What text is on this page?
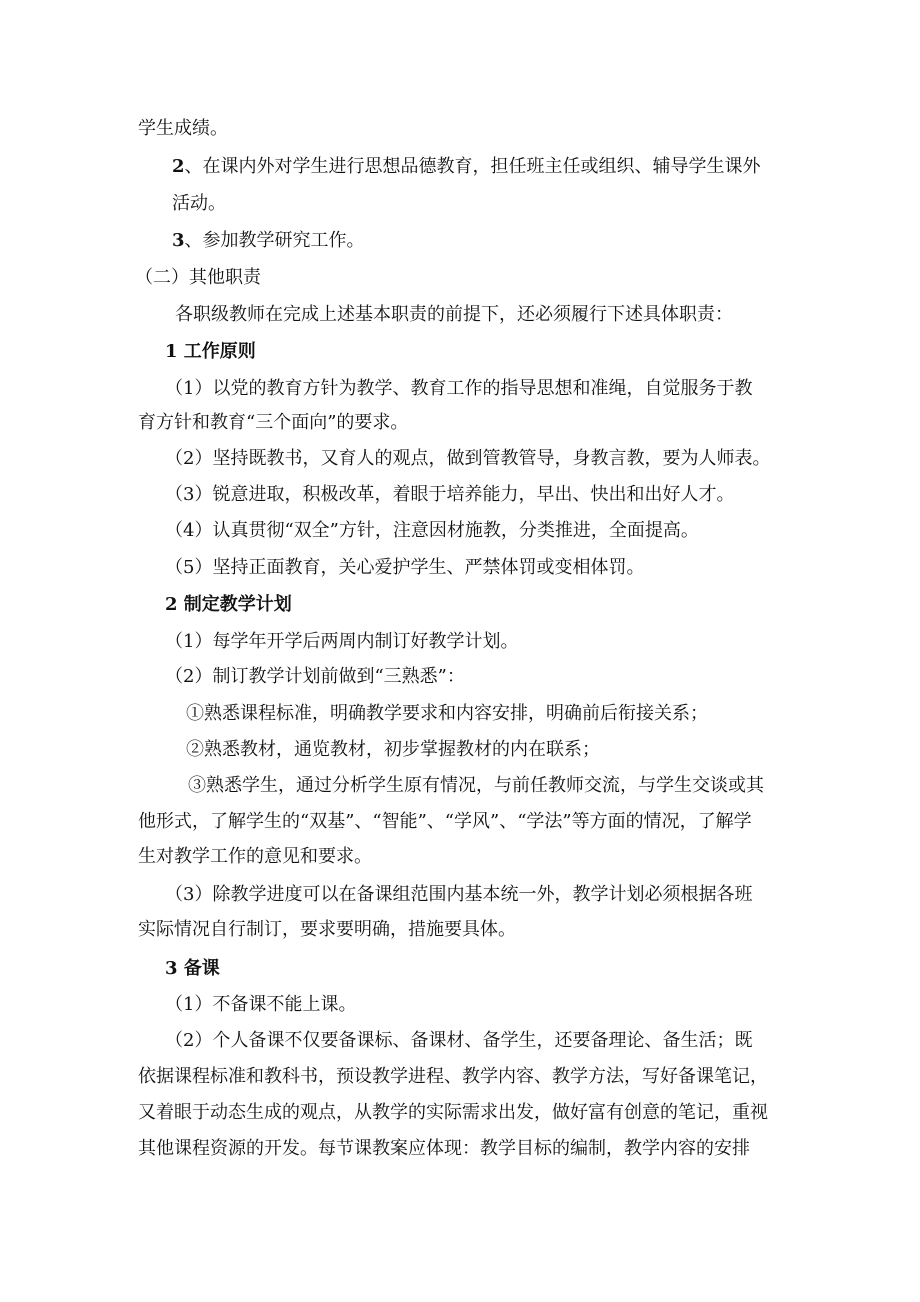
学生成绩。
2、在课内外对学生进行思想品德教育，担任班主任或组织、辅导学生课外
活动。
3、参加教学研究工作。
（二）其他职责
各职级教师在完成上述基本职责的前提下，还必须履行下述具体职责：
1 工作原则
（1）以党的教育方针为教学、教育工作的指导思想和准绳，自觉服务于教
育方针和教育“三个面向”的要求。
（2）坚持既教书，又育人的观点，做到管教管导，身教言教，要为人师表。
（3）锐意进取，积极改革，着眼于培养能力，早出、快出和出好人才。
（4）认真贯彻“双全”方针，注意因材施教，分类推进，全面提高。
（5）坚持正面教育，关心爱护学生、严禁体罚或变相体罚。
2 制定教学计划
（1）每学年开学后两周内制订好教学计划。
（2）制订教学计划前做到“三熟悉”：
①熟悉课程标准，明确教学要求和内容安排，明确前后衔接关系；
②熟悉教材，通览教材，初步掌握教材的内在联系；
③熟悉学生，通过分析学生原有情况，与前任教师交流，与学生交谈或其
他形式，了解学生的“双基”、“智能”、“学风”、“学法”等方面的情况，了解学
生对教学工作的意见和要求。
（3）除教学进度可以在备课组范围内基本统一外，教学计划必须根据各班
实际情况自行制订，要求要明确，措施要具体。
3 备课
（1）不备课不能上课。
（2）个人备课不仅要备课标、备课材、备学生，还要备理论、备生活；既
依据课程标准和教科书，预设教学进程、教学内容、教学方法，写好备课笔记，
又着眼于动态生成的观点，从教学的实际需求出发，做好富有创意的笔记，重视
其他课程资源的开发。每节课教案应体现：教学目标的编制，教学内容的安排
